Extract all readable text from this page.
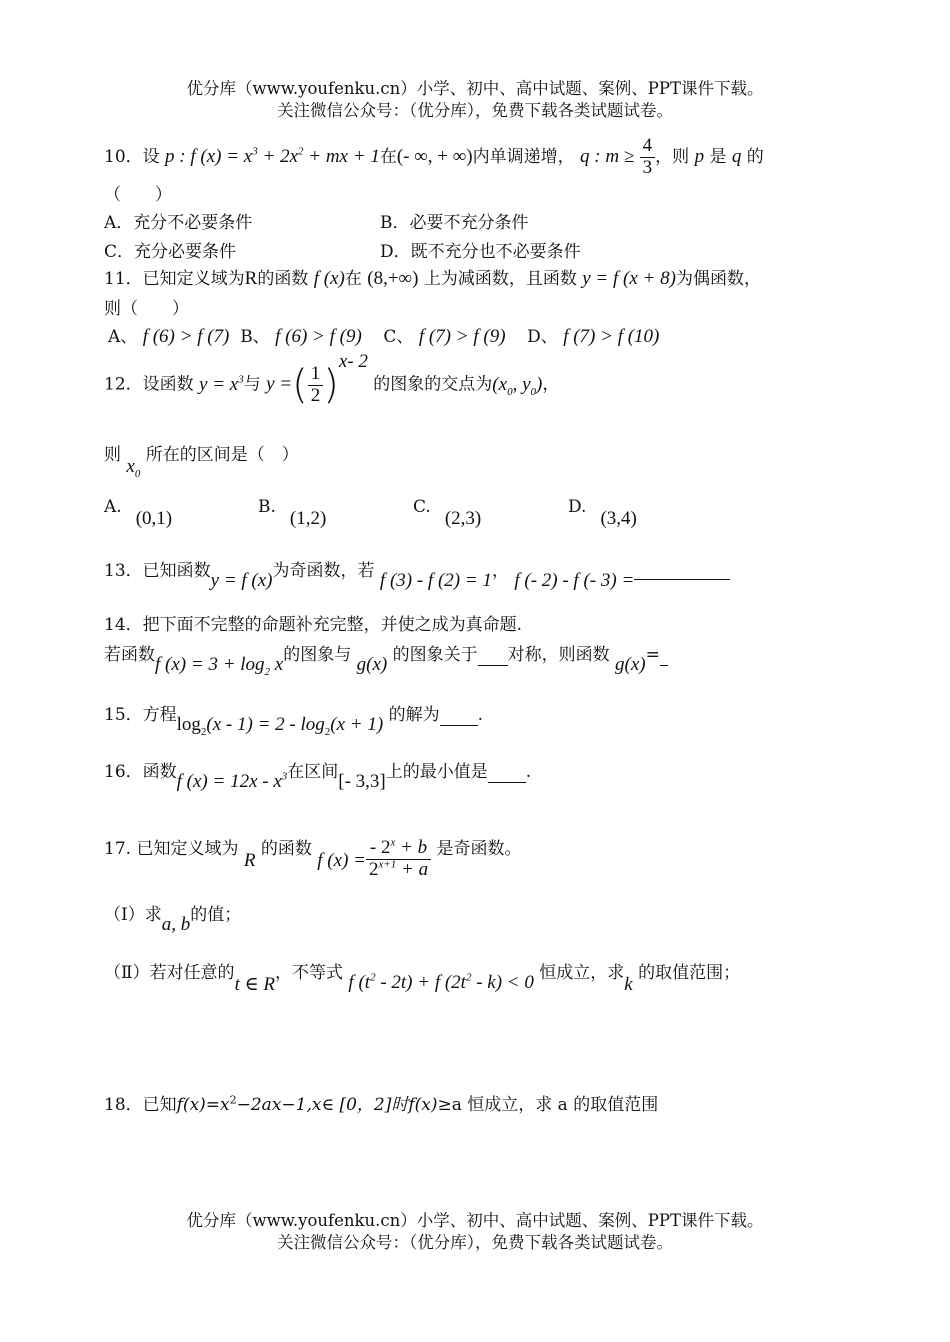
优分库（www.youfenku.cn）小学、初中、高中试题、案例、PPT课件下载。
关注微信公众号：（优分库），免费下载各类试题试卷。
10．设 p : f $(x) = x^3 + 2x^2$ + mx + 1在(- ∞, + ∞)内单调递增， q : $m \ge \frac{4}{3}$ ，则 p 是 q 的
（　　）
A．充分不必要条件	B．必要不充分条件
C．充分必要条件	D．既不充分也不必要条件
11．已知定义域为R的函数 f (x)在 (8,+∞) 上为减函数，且函数 y = f (x + 8)为偶函数，
则（　　）
A、 f (6) > f (7) B、 f (6) > f (9) C、 f (7) > f (9) D、 f (7) > f (10)
12．设函数 $y = x^3$与 y =( $\frac{1}{2} )^{x- 2}$ 的图象的交点为($x_0$, $y_0$)，
则 $x_0$ 所在的区间是（　）
A.(0,1)
B.(1,2)
C.(2,3)
D.(3,4)
13．已知函数y = f (x)为奇函数，若 f (3) - f (2) = 1， f (- 2) - f (- 3) =
14．把下面不完整的命题补充完整，并使之成为真命题.
若函数f $(x) = 3 + \log_2 x$的图象与 g(x) 的图象关于 对称，则函数 g(x)=
15．方程$\log_2(x - 1) = 2 - \log_2(x + 1)$ 的解为 .
16．函数f $(x) = 12x - x^3$在区间[- 3,3]上的最小值是 .
17. 已知定义域为 R 的函数 f $(x) = \frac{- 2^x + b}{2^{x+1} + a}$ 是奇函数。
（Ⅰ）求a, b的值；
（Ⅱ）若对任意的t ∈ R，不等式 f $(t^2 - 2t) + f$ $(2t^2 - k) < 0$ 恒成立，求k 的取值范围；
18．已知$f(x)=x^2-2ax-1,x\in$ [0，2]时f(x)≥a 恒成立，求 a 的取值范围
优分库（www.youfenku.cn）小学、初中、高中试题、案例、PPT课件下载。
关注微信公众号：（优分库），免费下载各类试题试卷。
